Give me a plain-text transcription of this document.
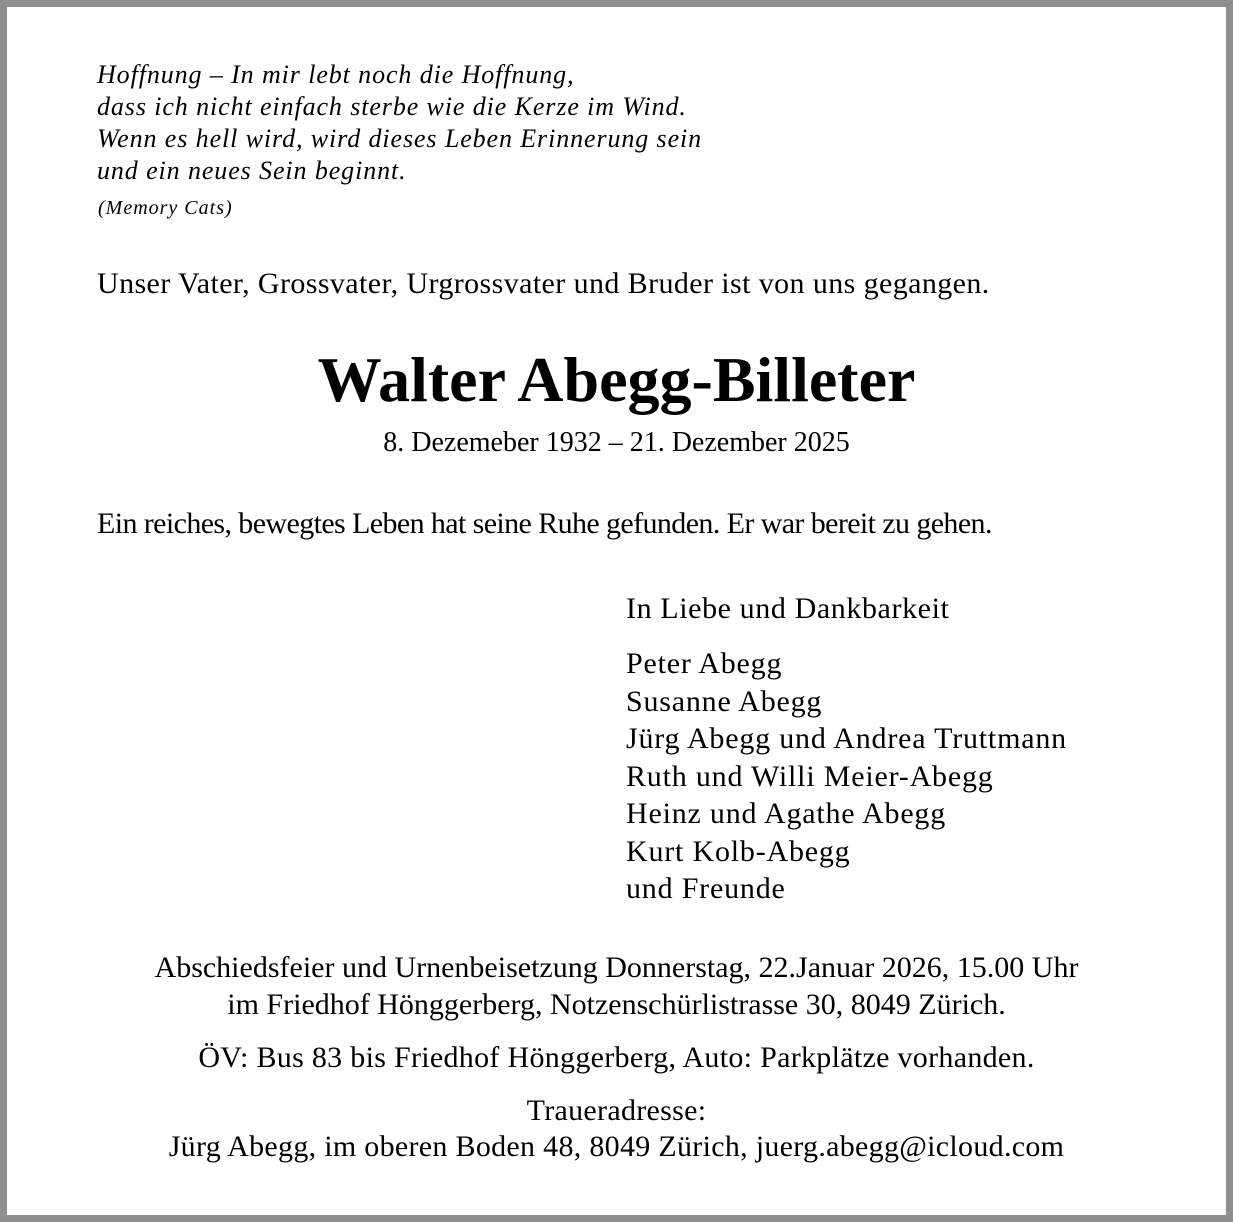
Hoffnung – In mir lebt noch die Hoffnung,
dass ich nicht einfach sterbe wie die Kerze im Wind.
Wenn es hell wird, wird dieses Leben Erinnerung sein
und ein neues Sein beginnt.
(Memory Cats)
Unser Vater, Grossvater, Urgrossvater und Bruder ist von uns gegangen.
Walter Abegg-Billeter
8. Dezemeber 1932 – 21. Dezember 2025
Ein reiches, bewegtes Leben hat seine Ruhe gefunden. Er war bereit zu gehen.
In Liebe und Dankbarkeit
Peter Abegg
Susanne Abegg
Jürg Abegg und Andrea Truttmann
Ruth und Willi Meier-Abegg
Heinz und Agathe Abegg
Kurt Kolb-Abegg
und Freunde
Abschiedsfeier und Urnenbeisetzung Donnerstag, 22.Januar 2026, 15.00 Uhr
im Friedhof Hönggerberg, Notzenschürlistrasse 30, 8049 Zürich.
ÖV: Bus 83 bis Friedhof Hönggerberg, Auto: Parkplätze vorhanden.
Traueradresse:
Jürg Abegg, im oberen Boden 48, 8049 Zürich, juerg.abegg@icloud.com
